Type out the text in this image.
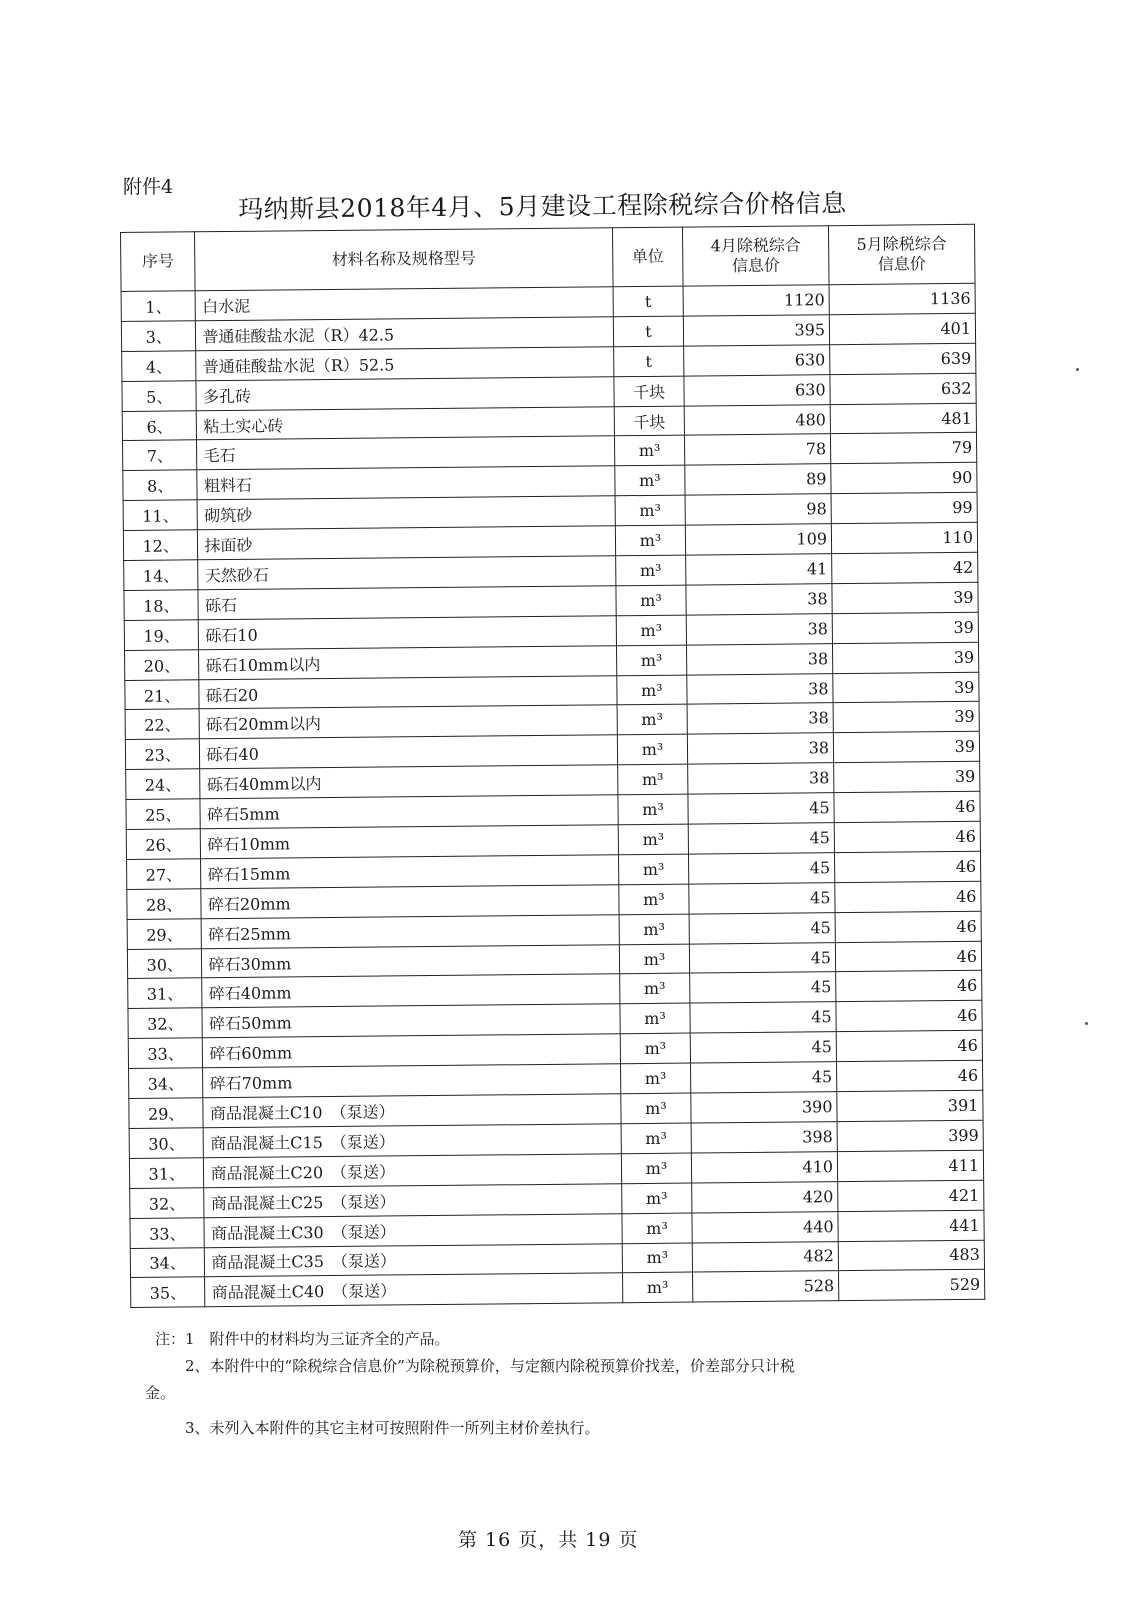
附件4
玛纳斯县2018年4月、5月建设工程除税综合价格信息
序号	材料名称及规格型号	单位	4月除税综合信息价	5月除税综合信息价

1、	白水泥	t	1120	1136
3、	普通硅酸盐水泥（R）42.5	t	395	401
4、	普通硅酸盐水泥（R）52.5	t	630	639
5、	多孔砖	千块	630	632
6、	粘土实心砖	千块	480	481
7、	毛石	m³	78	79
8、	粗料石	m³	89	90
11、	砌筑砂	m³	98	99
12、	抹面砂	m³	109	110
14、	天然砂石	m³	41	42
18、	砾石	m³	38	39
19、	砾石10	m³	38	39
20、	砾石10mm以内	m³	38	39
21、	砾石20	m³	38	39
22、	砾石20mm以内	m³	38	39
23、	砾石40	m³	38	39
24、	砾石40mm以内	m³	38	39
25、	碎石5mm	m³	45	46
26、	碎石10mm	m³	45	46
27、	碎石15mm	m³	45	46
28、	碎石20mm	m³	45	46
29、	碎石25mm	m³	45	46
30、	碎石30mm	m³	45	46
31、	碎石40mm	m³	45	46
32、	碎石50mm	m³	45	46
33、	碎石60mm	m³	45	46
34、	碎石70mm	m³	45	46
29、	商品混凝土C10　（泵送）	m³	390	391
30、	商品混凝土C15　（泵送）	m³	398	399
31、	商品混凝土C20　（泵送）	m³	410	411
32、	商品混凝土C25　（泵送）	m³	420	421
33、	商品混凝土C30　（泵送）	m³	440	441
34、	商品混凝土C35　（泵送）	m³	482	483
35、	商品混凝土C40　（泵送）	m³	528	529

注：1　附件中的材料均为三证齐全的产品。

2、本附件中的“除税综合信息价”为除税预算价，与定额内除税预算价找差，价差部分只计税

金。

3、未列入本附件的其它主材可按照附件一所列主材价差执行。

第 16 页，共 19 页
